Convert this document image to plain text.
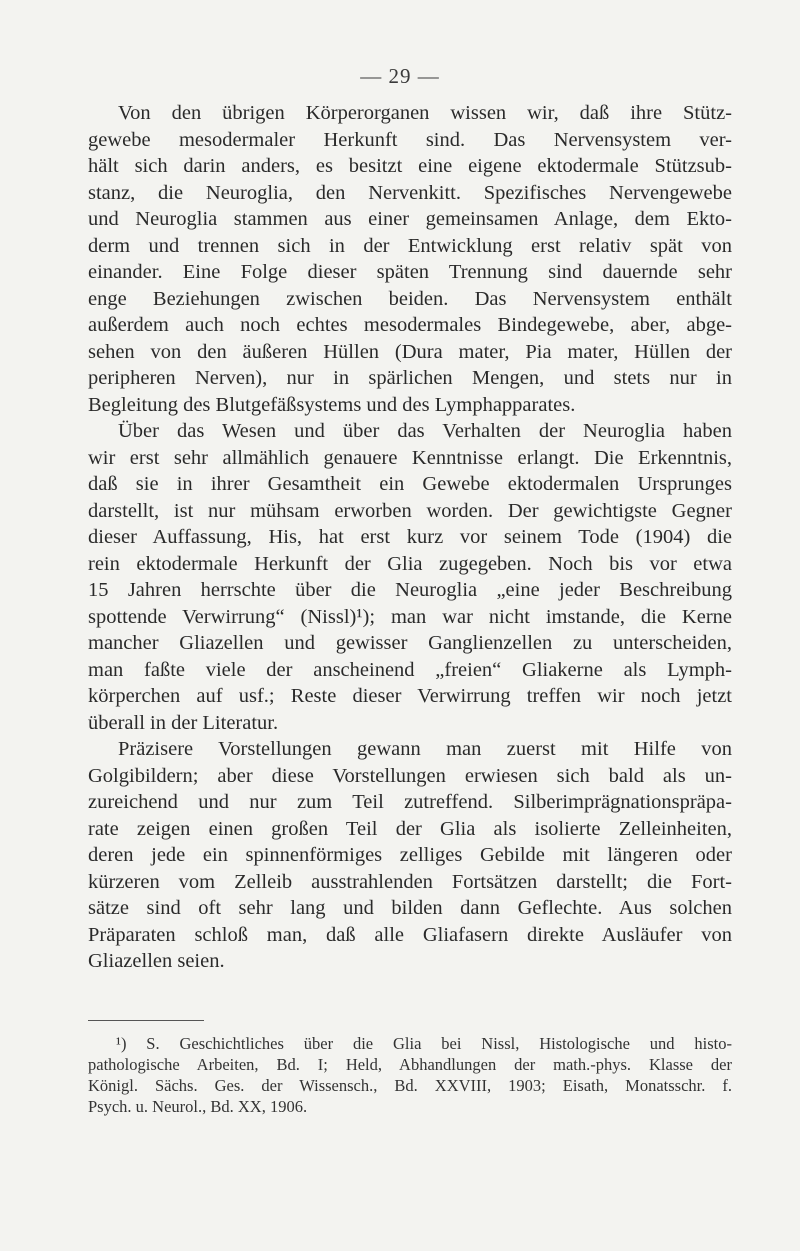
— 29 —
Von den übrigen Körperorganen wissen wir, daß ihre Stütz-
gewebe mesodermaler Herkunft sind. Das Nervensystem ver-
hält sich darin anders, es besitzt eine eigene ektodermale Stützsub-
stanz, die Neuroglia, den Nervenkitt. Spezifisches Nervengewebe
und Neuroglia stammen aus einer gemeinsamen Anlage, dem Ekto-
derm und trennen sich in der Entwicklung erst relativ spät von
einander. Eine Folge dieser späten Trennung sind dauernde sehr
enge Beziehungen zwischen beiden. Das Nervensystem enthält
außerdem auch noch echtes mesodermales Bindegewebe, aber, abge-
sehen von den äußeren Hüllen (Dura mater, Pia mater, Hüllen der
peripheren Nerven), nur in spärlichen Mengen, und stets nur in
Begleitung des Blutgefäßsystems und des Lymphapparates.
Über das Wesen und über das Verhalten der Neuroglia haben
wir erst sehr allmählich genauere Kenntnisse erlangt. Die Erkenntnis,
daß sie in ihrer Gesamtheit ein Gewebe ektodermalen Ursprunges
darstellt, ist nur mühsam erworben worden. Der gewichtigste Gegner
dieser Auffassung, His, hat erst kurz vor seinem Tode (1904) die
rein ektodermale Herkunft der Glia zugegeben. Noch bis vor etwa
15 Jahren herrschte über die Neuroglia „eine jeder Beschreibung
spottende Verwirrung“ (Nissl)¹); man war nicht imstande, die Kerne
mancher Gliazellen und gewisser Ganglienzellen zu unterscheiden,
man faßte viele der anscheinend „freien“ Gliakerne als Lymph-
körperchen auf usf.; Reste dieser Verwirrung treffen wir noch jetzt
überall in der Literatur.
Präzisere Vorstellungen gewann man zuerst mit Hilfe von
Golgibildern; aber diese Vorstellungen erwiesen sich bald als un-
zureichend und nur zum Teil zutreffend. Silberimprägnationspräpa-
rate zeigen einen großen Teil der Glia als isolierte Zelleinheiten,
deren jede ein spinnenförmiges zelliges Gebilde mit längeren oder
kürzeren vom Zelleib ausstrahlenden Fortsätzen darstellt; die Fort-
sätze sind oft sehr lang und bilden dann Geflechte. Aus solchen
Präparaten schloß man, daß alle Gliafasern direkte Ausläufer von
Gliazellen seien.
¹) S. Geschichtliches über die Glia bei Nissl, Histologische und histo-
pathologische Arbeiten, Bd. I; Held, Abhandlungen der math.-phys. Klasse der
Königl. Sächs. Ges. der Wissensch., Bd. XXVIII, 1903; Eisath, Monatsschr. f.
Psych. u. Neurol., Bd. XX, 1906.
